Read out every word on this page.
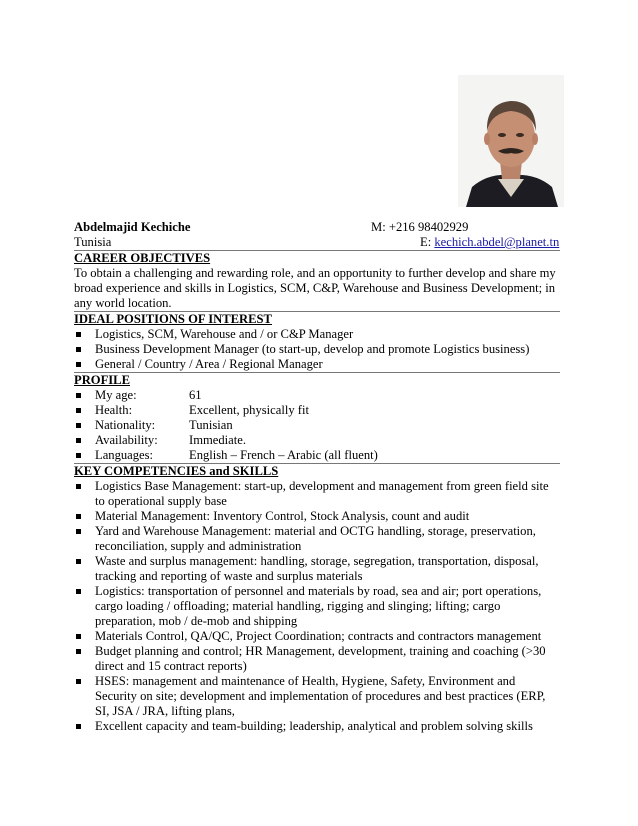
Abdelmajid Kechiche	M: +216 98402929
Tunisia	E: kechich.abdel@planet.tn
CAREER OBJECTIVES

To obtain a challenging and rewarding role, and an opportunity to further develop and share my broad experience and skills in Logistics, SCM, C&P, Warehouse and Business Development; in any world location.

IDEAL POSITIONS OF INTEREST
Logistics, SCM, Warehouse and / or C&P Manager
Business Development Manager (to start-up, develop and promote Logistics business)
General / Country / Area / Regional Manager
PROFILE
My age:	61
Health:	Excellent, physically fit
Nationality:	Tunisian
Availability: Immediate.
Languages:	English – French – Arabic (all fluent)
KEY COMPETENCIES and SKILLS
Logistics Base Management: start-up, development and management from green field site to operational supply base
Material Management: Inventory Control, Stock Analysis, count and audit
Yard and Warehouse Management: material and OCTG handling, storage, preservation, reconciliation, supply and administration
Waste and surplus management: handling, storage, segregation, transportation, disposal, tracking and reporting of waste and surplus materials
Logistics: transportation of personnel and materials by road, sea and air; port operations, cargo loading / offloading; material handling, rigging and slinging; lifting; cargo preparation, mob / de-mob and shipping
Materials Control, QA/QC, Project Coordination; contracts and contractors management
Budget planning and control; HR Management, development, training and coaching (>30 direct and 15 contract reports)
HSES: management and maintenance of Health, Hygiene, Safety, Environment and Security on site; development and implementation of procedures and best practices (ERP, SI, JSA / JRA, lifting plans,
Excellent capacity and team-building; leadership, analytical and problem solving skills
